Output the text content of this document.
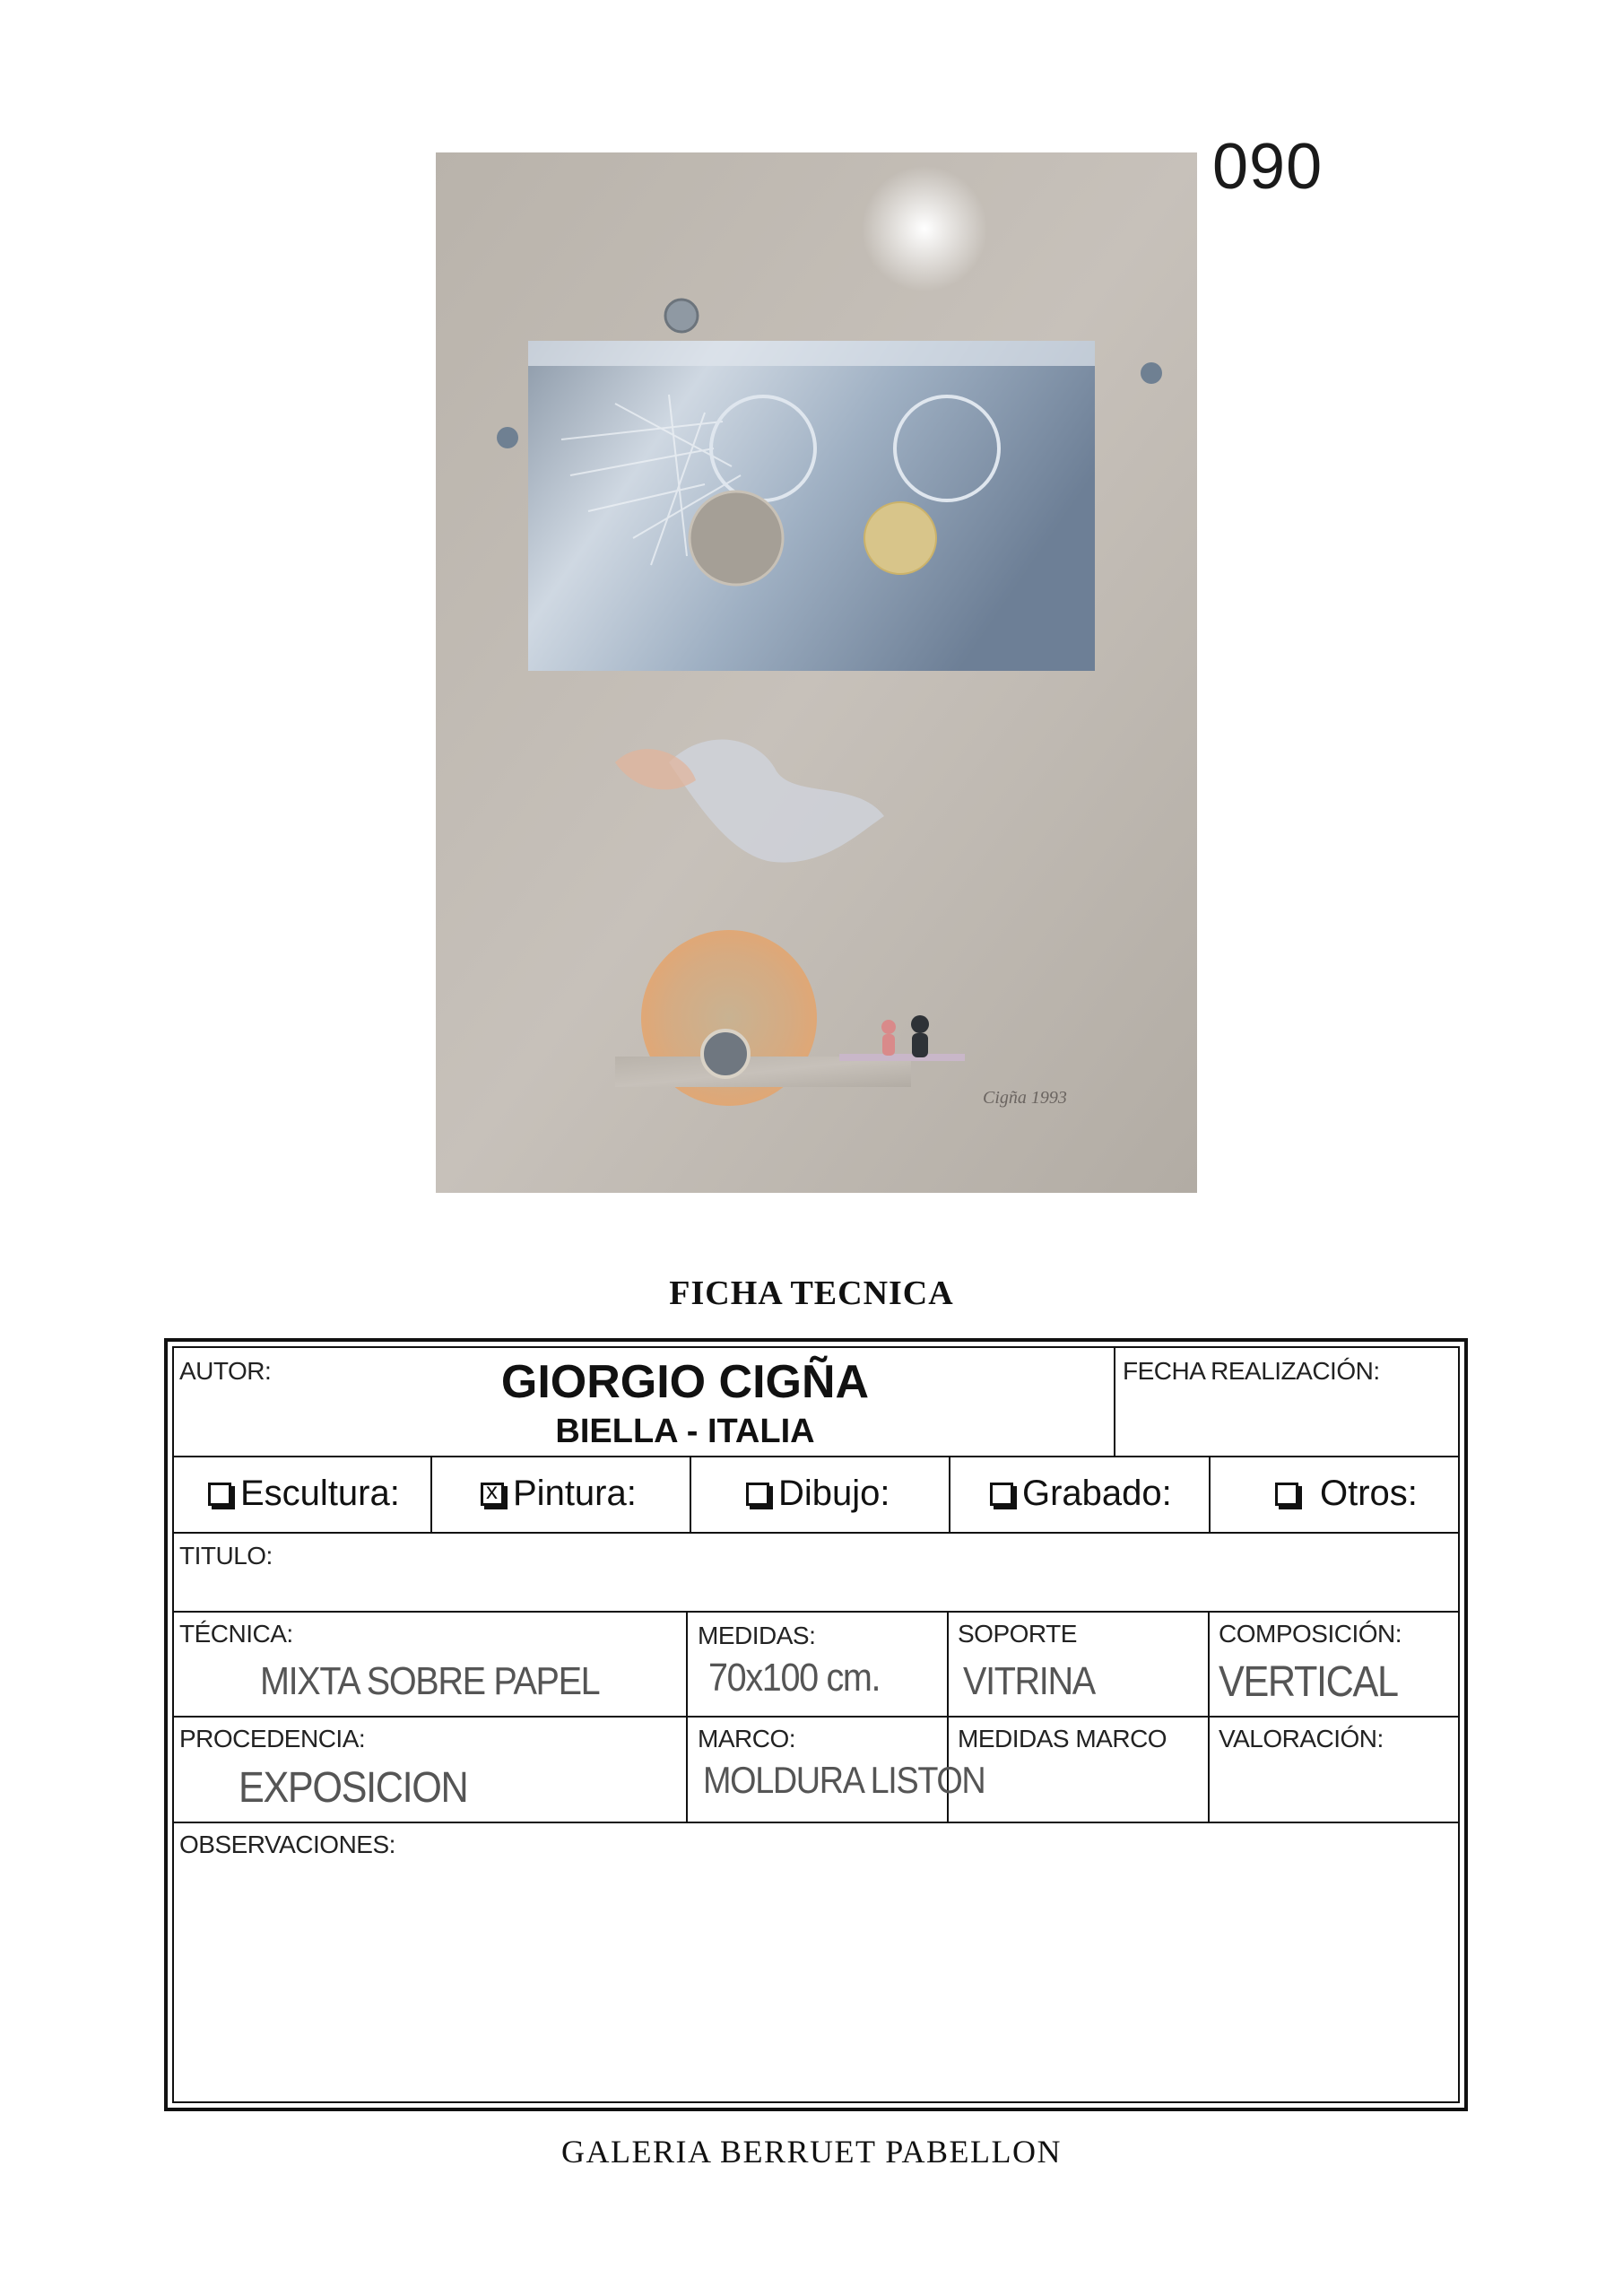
090
Cigña 1993
FICHA TECNICA
AUTOR:	GIORGIO CIGÑA
BIELLA - ITALIA
FECHA REALIZACIÓN:
Escultura:
x	Pintura:	Dibujo:	Grabado:	Otros:
TITULO:
TÉCNICA:
MIXTA SOBRE PAPEL
MEDIDAS:
70x100 cm.
SOPORTE
VITRINA
COMPOSICIÓN:
VERTICAL
PROCEDENCIA:
EXPOSICION
MARCO:
MOLDURA LISTON
MEDIDAS MARCO VALORACIÓN:
OBSERVACIONES:
GALERIA BERRUET PABELLON
